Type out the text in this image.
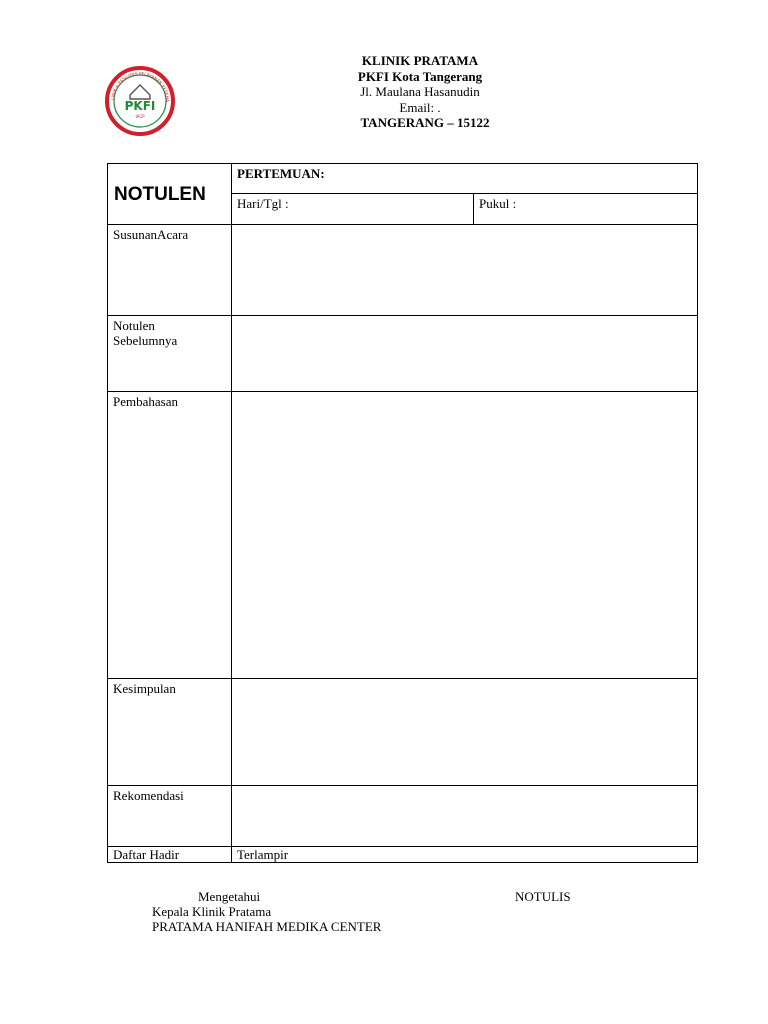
LINIK & FASILITAS PELAYANAN KESEHA
PKFI
IACP
KLINIK PRATAMA
PKFI Kota Tangerang
Jl. Maulana Hasanudin
Email: .
TANGERANG – 15122
NOTULEN	PERTEMUAN:	
	Hari/Tgl :	Pukul :
SusunanAcara		

Notulen
Sebelumnya		

Pembahasan		
Kesimpulan		
Rekomendasi		
Daftar Hadir	Terlampir	
Mengetahui
Kepala Klinik Pratama
PRATAMA HANIFAH MEDIKA CENTER
NOTULIS
